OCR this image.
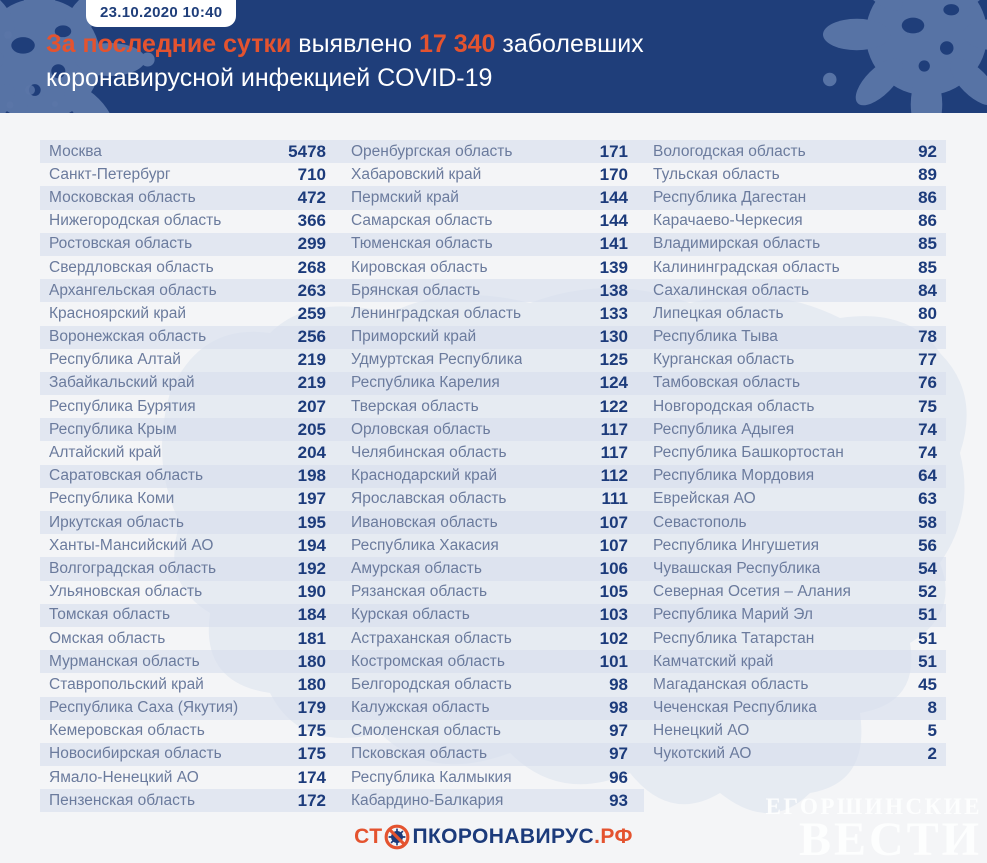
23.10.2020 10:40
За последние сутки выявлено 17 340 заболевших
коронавирусной инфекцией COVID-19
Москва	5478 Оренбургская область	171 Вологодская область	92
Санкт-Петербург	710 Хабаровский край	170 Тульская область	89
Московская область	472 Пермский край	144 Республика Дагестан	86
Нижегородская область	366 Самарская область	144 Карачаево-Черкесия	86
Ростовская область	299 Тюменская область	141 Владимирская область	85
Свердловская область	268 Кировская область	139 Калининградская область	85
Архангельская область	263 Брянская область	138 Сахалинская область	84
Красноярский край	259 Ленинградская область	133 Липецкая область	80
Воронежская область	256 Приморский край	130 Республика Тыва	78
Республика Алтай	219 Удмуртская Республика	125 Курганская область	77
Забайкальский край	219 Республика Карелия	124 Тамбовская область	76
Республика Бурятия	207 Тверская область	122 Новгородская область	75
Республика Крым	205 Орловская область	117 Республика Адыгея	74
Алтайский край	204 Челябинская область	117 Республика Башкортостан	74
Саратовская область	198 Краснодарский край	112 Республика Мордовия	64
Республика Коми	197 Ярославская область	111 Еврейская АО	63
Иркутская область	195 Ивановская область	107 Севастополь	58
Ханты-Мансийский АО	194 Республика Хакасия	107 Республика Ингушетия	56
Волгоградская область	192 Амурская область	106 Чувашская Республика	54
Ульяновская область	190 Рязанская область	105 Северная Осетия – Алания	52
Томская область	184 Курская область	103 Республика Марий Эл	51
Омская область	181 Астраханская область	102 Республика Татарстан	51
Мурманская область	180 Костромская область	101 Камчатский край	51
Ставропольский край	180 Белгородская область	98 Магаданская область	45
Республика Саха (Якутия)	179 Калужская область	98 Чеченская Республика	8
Кемеровская область	175 Смоленская область	97 Ненецкий АО	5
Новосибирская область	175 Псковская область	97 Чукотский АО	2
Ямало-Ненецкий АО	174 Республика Калмыкия	96
Пензенская область	172 Кабардино-Балкария	93
СТ ПКОРОНАВИРУС .РФ
ЕГОРШИНСКИЕ
ВЕСТИ
